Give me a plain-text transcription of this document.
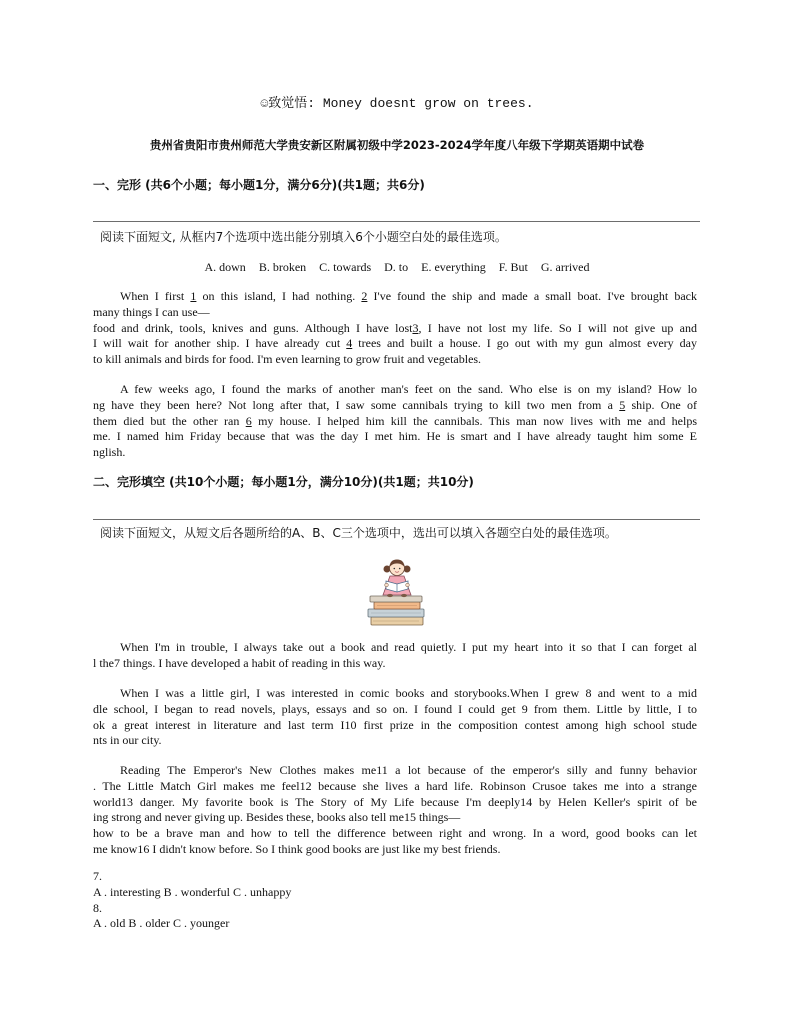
☺致觉悟: Money doesnt grow on trees.
贵州省贵阳市贵州师范大学贵安新区附属初级中学2023-2024学年度八年级下学期英语期中试卷
一、完形 (共6个小题；每小题1分，满分6分)(共1题；共6分)
阅读下面短文, 从框内7个选项中选出能分别填入6个小题空白处的最佳选项。
A. down B. broken C. towards D. to E. everything F. But G. arrived
When I first 1 on this island, I had nothing. 2 I've found the ship and made a small boat. I've brought back
many things I can use—
food and drink, tools, knives and guns. Although I have lost3, I have not lost my life. So I will not give up and
I will wait for another ship. I have already cut 4 trees and built a house. I go out with my gun almost every day
to kill animals and birds for food. I'm even learning to grow fruit and vegetables.
A few weeks ago, I found the marks of another man's feet on the sand. Who else is on my island? How lo
ng have they been here? Not long after that, I saw some cannibals trying to kill two men from a 5 ship. One of
them died but the other ran 6 my house. I helped him kill the cannibals. This man now lives with me and helps
me. I named him Friday because that was the day I met him. He is smart and I have already taught him some E
nglish.
二、完形填空 (共10个小题；每小题1分，满分10分)(共1题；共10分)
阅读下面短文，从短文后各题所给的A、B、C三个选项中，选出可以填入各题空白处的最佳选项。
When I'm in trouble, I always take out a book and read quietly. I put my heart into it so that I can forget al
l the7 things. I have developed a habit of reading in this way.
When I was a little girl, I was interested in comic books and storybooks.When I grew 8 and went to a mid
dle school, I began to read novels, plays, essays and so on. I found I could get 9 from them. Little by little, I to
ok a great interest in literature and last term I10 first prize in the composition contest among high school stude
nts in our city.
Reading The Emperor's New Clothes makes me11 a lot because of the emperor's silly and funny behavior
. The Little Match Girl makes me feel12 because she lives a hard life. Robinson Crusoe takes me into a strange
world13 danger. My favorite book is The Story of My Life because I'm deeply14 by Helen Keller's spirit of be
ing strong and never giving up. Besides these, books also tell me15 things—
how to be a brave man and how to tell the difference between right and wrong. In a word, good books can let
me know16 I didn't know before. So I think good books are just like my best friends.
7.
A . interesting B . wonderful C . unhappy
8.
A . old B . older C . younger
